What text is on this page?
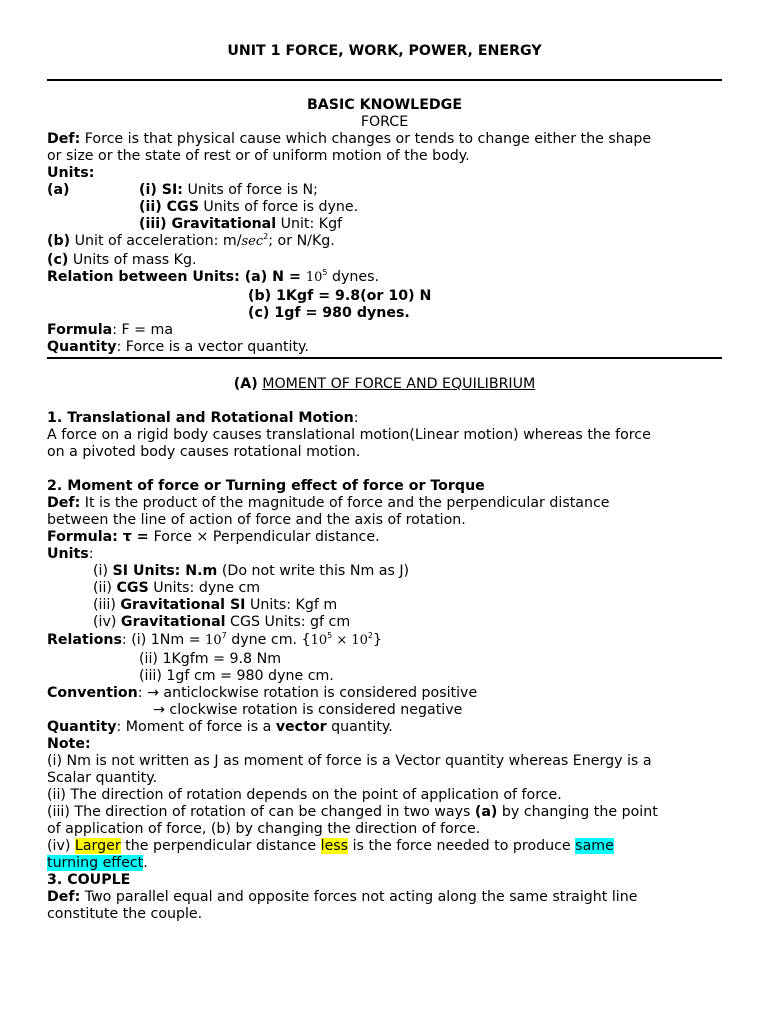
UNIT 1 FORCE, WORK, POWER, ENERGY
BASIC KNOWLEDGE
FORCE
Def: Force is that physical cause which changes or tends to change either the shape
or size or the state of rest or of uniform motion of the body.
Units:
(a)	(i) SI: Units of force is N;
(ii) CGS Units of force is dyne.
(iii) Gravitational Unit: Kgf
(b) Unit of acceleration: $m/\sec^2$; or N/Kg.
(c) Units of mass Kg.
Relation between Units: (a) $N = 10^5$ dynes.
(b) 1Kgf = 9.8(or 10) N
(c) 1gf = 980 dynes.
Formula: F = ma
Quantity: Force is a vector quantity.
(A) MOMENT OF FORCE AND EQUILIBRIUM
1. Translational and Rotational Motion:
A force on a rigid body causes translational motion(Linear motion) whereas the force
on a pivoted body causes rotational motion.
2. Moment of force or Turning effect of force or Torque
Def: It is the product of the magnitude of force and the perpendicular distance
between the line of action of force and the axis of rotation.
Formula: τ = Force × Perpendicular distance.
Units:
(i) SI Units: N.m (Do not write this Nm as J)
(ii) CGS Units: dyne cm
(iii) Gravitational SI Units: Kgf m
(iv) Gravitational CGS Units: gf cm
Relations: (i) $1Nm = 10^7$ dyne cm. $\{10^5 \times 10^2\}$
(ii) 1Kgfm = 9.8 Nm
(iii) 1gf cm = 980 dyne cm.
Convention: → anticlockwise rotation is considered positive
→ clockwise rotation is considered negative
Quantity: Moment of force is a vector quantity.
Note:
(i) Nm is not written as J as moment of force is a Vector quantity whereas Energy is a
Scalar quantity.
(ii) The direction of rotation depends on the point of application of force.
(iii) The direction of rotation of can be changed in two ways (a) by changing the point
of application of force, (b) by changing the direction of force.
(iv) Larger the perpendicular distance less is the force needed to produce same
turning effect.
3. COUPLE
Def: Two parallel equal and opposite forces not acting along the same straight line
constitute the couple.
